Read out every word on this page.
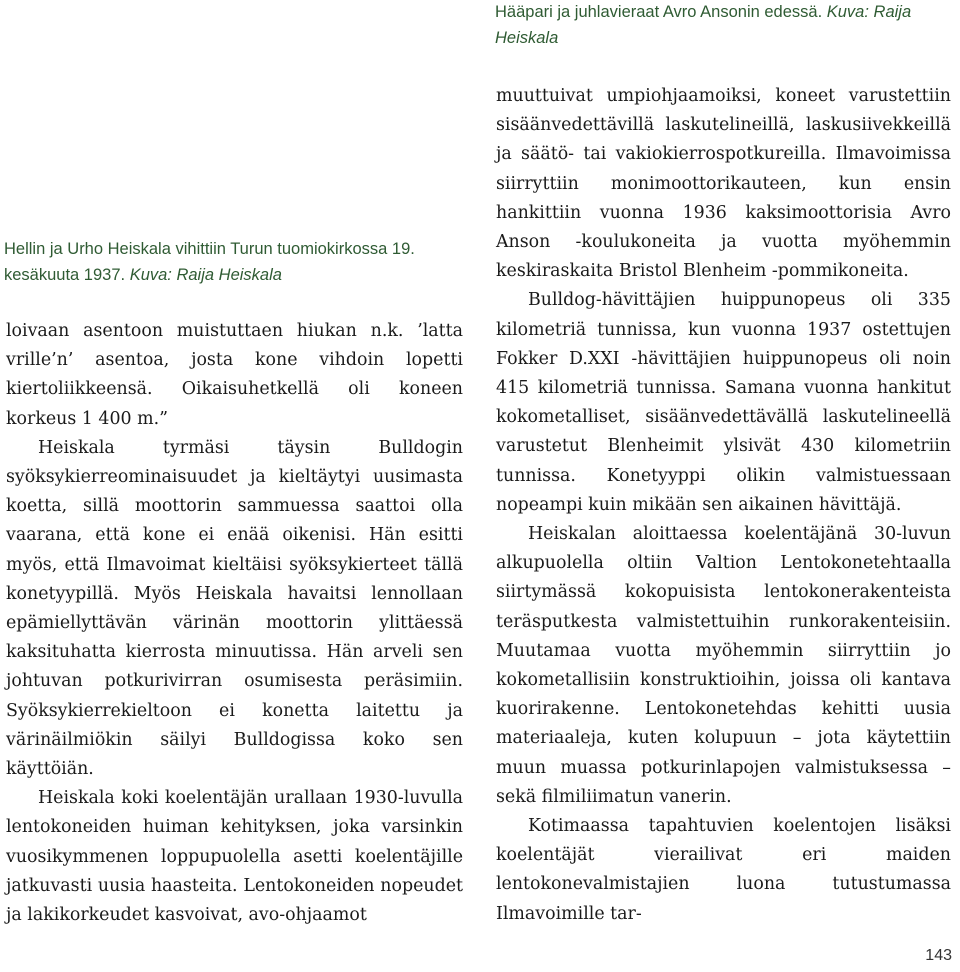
Hääpari ja juhlavieraat Avro Ansonin edessä. Kuva: Raija Heiskala
Hellin ja Urho Heiskala vihittiin Turun tuomiokirkossa 19. kesäkuuta 1937. Kuva: Raija Heiskala

loivaan asentoon muistuttaen hiukan n.k. ’latta vrille’n’ asentoa, josta kone vihdoin lopetti kiertoliikkeensä. Oikaisuhetkellä oli koneen korkeus 1 400 m.”

Heiskala tyrmäsi täysin Bulldogin syöksykierreominaisuudet ja kieltäytyi uusimasta koetta, sillä moottorin sammuessa saattoi olla vaarana, että kone ei enää oikenisi. Hän esitti myös, että Ilmavoimat kieltäisi syöksykierteet tällä konetyypillä. Myös Heiskala havaitsi lennollaan epämiellyttävän värinän moottorin ylittäessä kaksituhatta kierrosta minuutissa. Hän arveli sen johtuvan potkurivirran osumisesta peräsimiin. Syöksykierrekieltoon ei konetta laitettu ja värinäilmiökin säilyi Bulldogissa koko sen käyttöiän.

Heiskala koki koelentäjän urallaan 1930-luvulla lentokoneiden huiman kehityksen, joka varsinkin vuosikymmenen loppupuolella asetti koelentäjille jatkuvasti uusia haasteita. Lentokoneiden nopeudet ja lakikorkeudet kasvoivat, avo-ohjaamot

muuttuivat umpiohjaamoiksi, koneet varustettiin sisäänvedettävillä laskutelineillä, laskusiivekkeillä ja säätö- tai vakiokierrospotkureilla. Ilmavoimissa siirryttiin monimoottorikauteen, kun ensin hankittiin vuonna 1936 kaksimoottorisia Avro Anson -koulukoneita ja vuotta myöhemmin keskiraskaita Bristol Blenheim -pommikoneita.

Bulldog-hävittäjien huippunopeus oli 335 kilometriä tunnissa, kun vuonna 1937 ostettujen Fokker D.XXI -hävittäjien huippunopeus oli noin 415 kilometriä tunnissa. Samana vuonna hankitut kokometalliset, sisäänvedettävällä laskutelineellä varustetut Blenheimit ylsivät 430 kilometriin tunnissa. Konetyyppi olikin valmistuessaan nopeampi kuin mikään sen aikainen hävittäjä.

Heiskalan aloittaessa koelentäjänä 30-luvun alkupuolella oltiin Valtion Lentokonetehtaalla siirtymässä kokopuisista lentokonerakenteista teräsputkesta valmistettuihin runkorakenteisiin. Muutamaa vuotta myöhemmin siirryttiin jo kokometallisiin konstruktioihin, joissa oli kantava kuorirakenne. Lentokonetehdas kehitti uusia materiaaleja, kuten kolupuun – jota käytettiin muun muassa potkurinlapojen valmistuksessa – sekä filmiliimatun vanerin.

Kotimaassa tapahtuvien koelentojen lisäksi koelentäjät vierailivat eri maiden lentokonevalmistajien luona tutustumassa Ilmavoimille tar-

143
